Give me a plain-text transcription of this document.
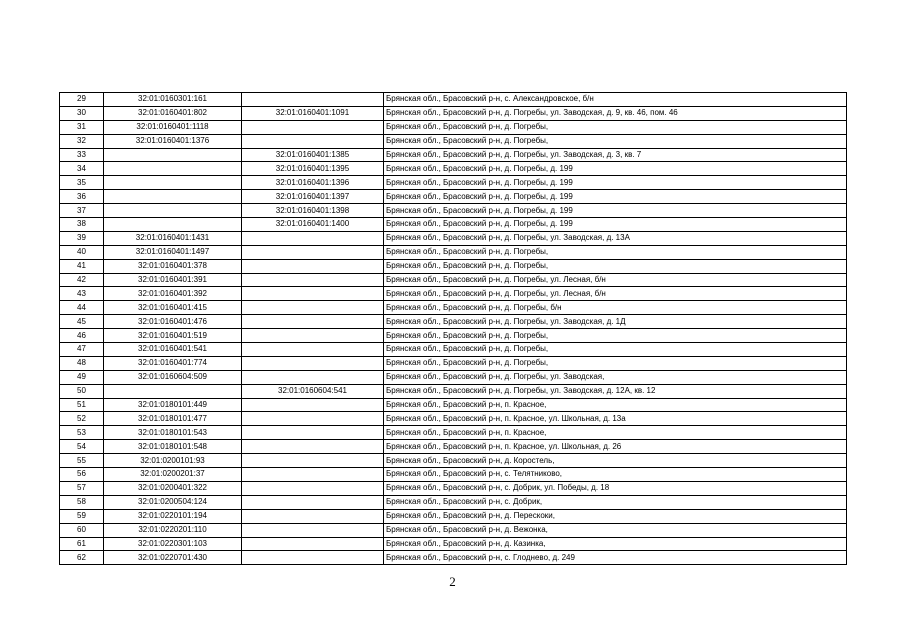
29	32:01:0160301:161		Брянская обл., Брасовский р-н, с. Александровское, б/н
30	32:01:0160401:802	32:01:0160401:1091	Брянская обл., Брасовский р-н, д. Погребы, ул. Заводская, д. 9, кв. 46, пом. 46
31	32:01:0160401:1118		Брянская обл., Брасовский р-н, д. Погребы,
32	32:01:0160401:1376		Брянская обл., Брасовский р-н, д. Погребы,
33		32:01:0160401:1385	Брянская обл., Брасовский р-н, д. Погребы, ул. Заводская, д. 3, кв. 7
34		32:01:0160401:1395	Брянская обл., Брасовский р-н, д. Погребы, д. 199
35		32:01:0160401:1396	Брянская обл., Брасовский р-н, д. Погребы, д. 199
36		32:01:0160401:1397	Брянская обл., Брасовский р-н, д. Погребы, д. 199
37		32:01:0160401:1398	Брянская обл., Брасовский р-н, д. Погребы, д. 199
38		32:01:0160401:1400	Брянская обл., Брасовский р-н, д. Погребы, д. 199
39	32:01:0160401:1431		Брянская обл., Брасовский р-н, д. Погребы, ул. Заводская, д. 13А
40	32:01:0160401:1497		Брянская обл., Брасовский р-н, д. Погребы,
41	32:01:0160401:378		Брянская обл., Брасовский р-н, д. Погребы,
42	32:01:0160401:391		Брянская обл., Брасовский р-н, д. Погребы, ул. Лесная, б/н
43	32:01:0160401:392		Брянская обл., Брасовский р-н, д. Погребы, ул. Лесная, б/н
44	32:01:0160401:415		Брянская обл., Брасовский р-н, д. Погребы, б/н
45	32:01:0160401:476		Брянская обл., Брасовский р-н, д. Погребы, ул. Заводская, д. 1Д
46	32:01:0160401:519		Брянская обл., Брасовский р-н, д. Погребы,
47	32:01:0160401:541		Брянская обл., Брасовский р-н, д. Погребы,
48	32:01:0160401:774		Брянская обл., Брасовский р-н, д. Погребы,
49	32:01:0160604:509		Брянская обл., Брасовский р-н, д. Погребы, ул. Заводская,
50		32:01:0160604:541	Брянская обл., Брасовский р-н, д. Погребы, ул. Заводская, д. 12А, кв. 12
51	32:01:0180101:449		Брянская обл., Брасовский р-н, п. Красное,
52	32:01:0180101:477		Брянская обл., Брасовский р-н, п. Красное, ул. Школьная, д. 13а
53	32:01:0180101:543		Брянская обл., Брасовский р-н, п. Красное,
54	32:01:0180101:548		Брянская обл., Брасовский р-н, п. Красное, ул. Школьная, д. 26
55	32:01:0200101:93		Брянская обл., Брасовский р-н, д. Коростель,
56	32:01:0200201:37		Брянская обл., Брасовский р-н, с. Телятниково,
57	32:01:0200401:322		Брянская обл., Брасовский р-н, с. Добрик, ул. Победы, д. 18
58	32:01:0200504:124		Брянская обл., Брасовский р-н, с. Добрик,
59	32:01:0220101:194		Брянская обл., Брасовский р-н, д. Перескоки,
60	32:01:0220201:110		Брянская обл., Брасовский р-н, д. Вежонка,
61	32:01:0220301:103		Брянская обл., Брасовский р-н, д. Казинка,
62	32:01:0220701:430		Брянская обл., Брасовский р-н, с. Глоднево, д. 249
2
